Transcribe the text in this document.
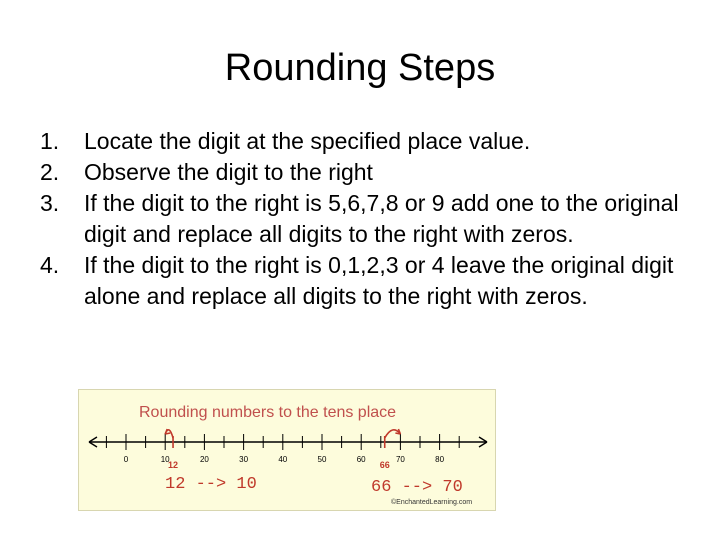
Rounding Steps
1. Locate the digit at the specified place value.
2. Observe the digit to the right
3. If the digit to the right is 5,6,7,8 or 9 add one to the original digit and replace all digits to the right with zeros.
4. If the digit to the right is 0,1,2,3 or 4 leave the original digit alone and replace all digits to the right with zeros.
Rounding numbers to the tens place
0	10	20	30	40	50	60	70	80
12	66
12 --> 10	66 --> 70
©EnchantedLearning.com
